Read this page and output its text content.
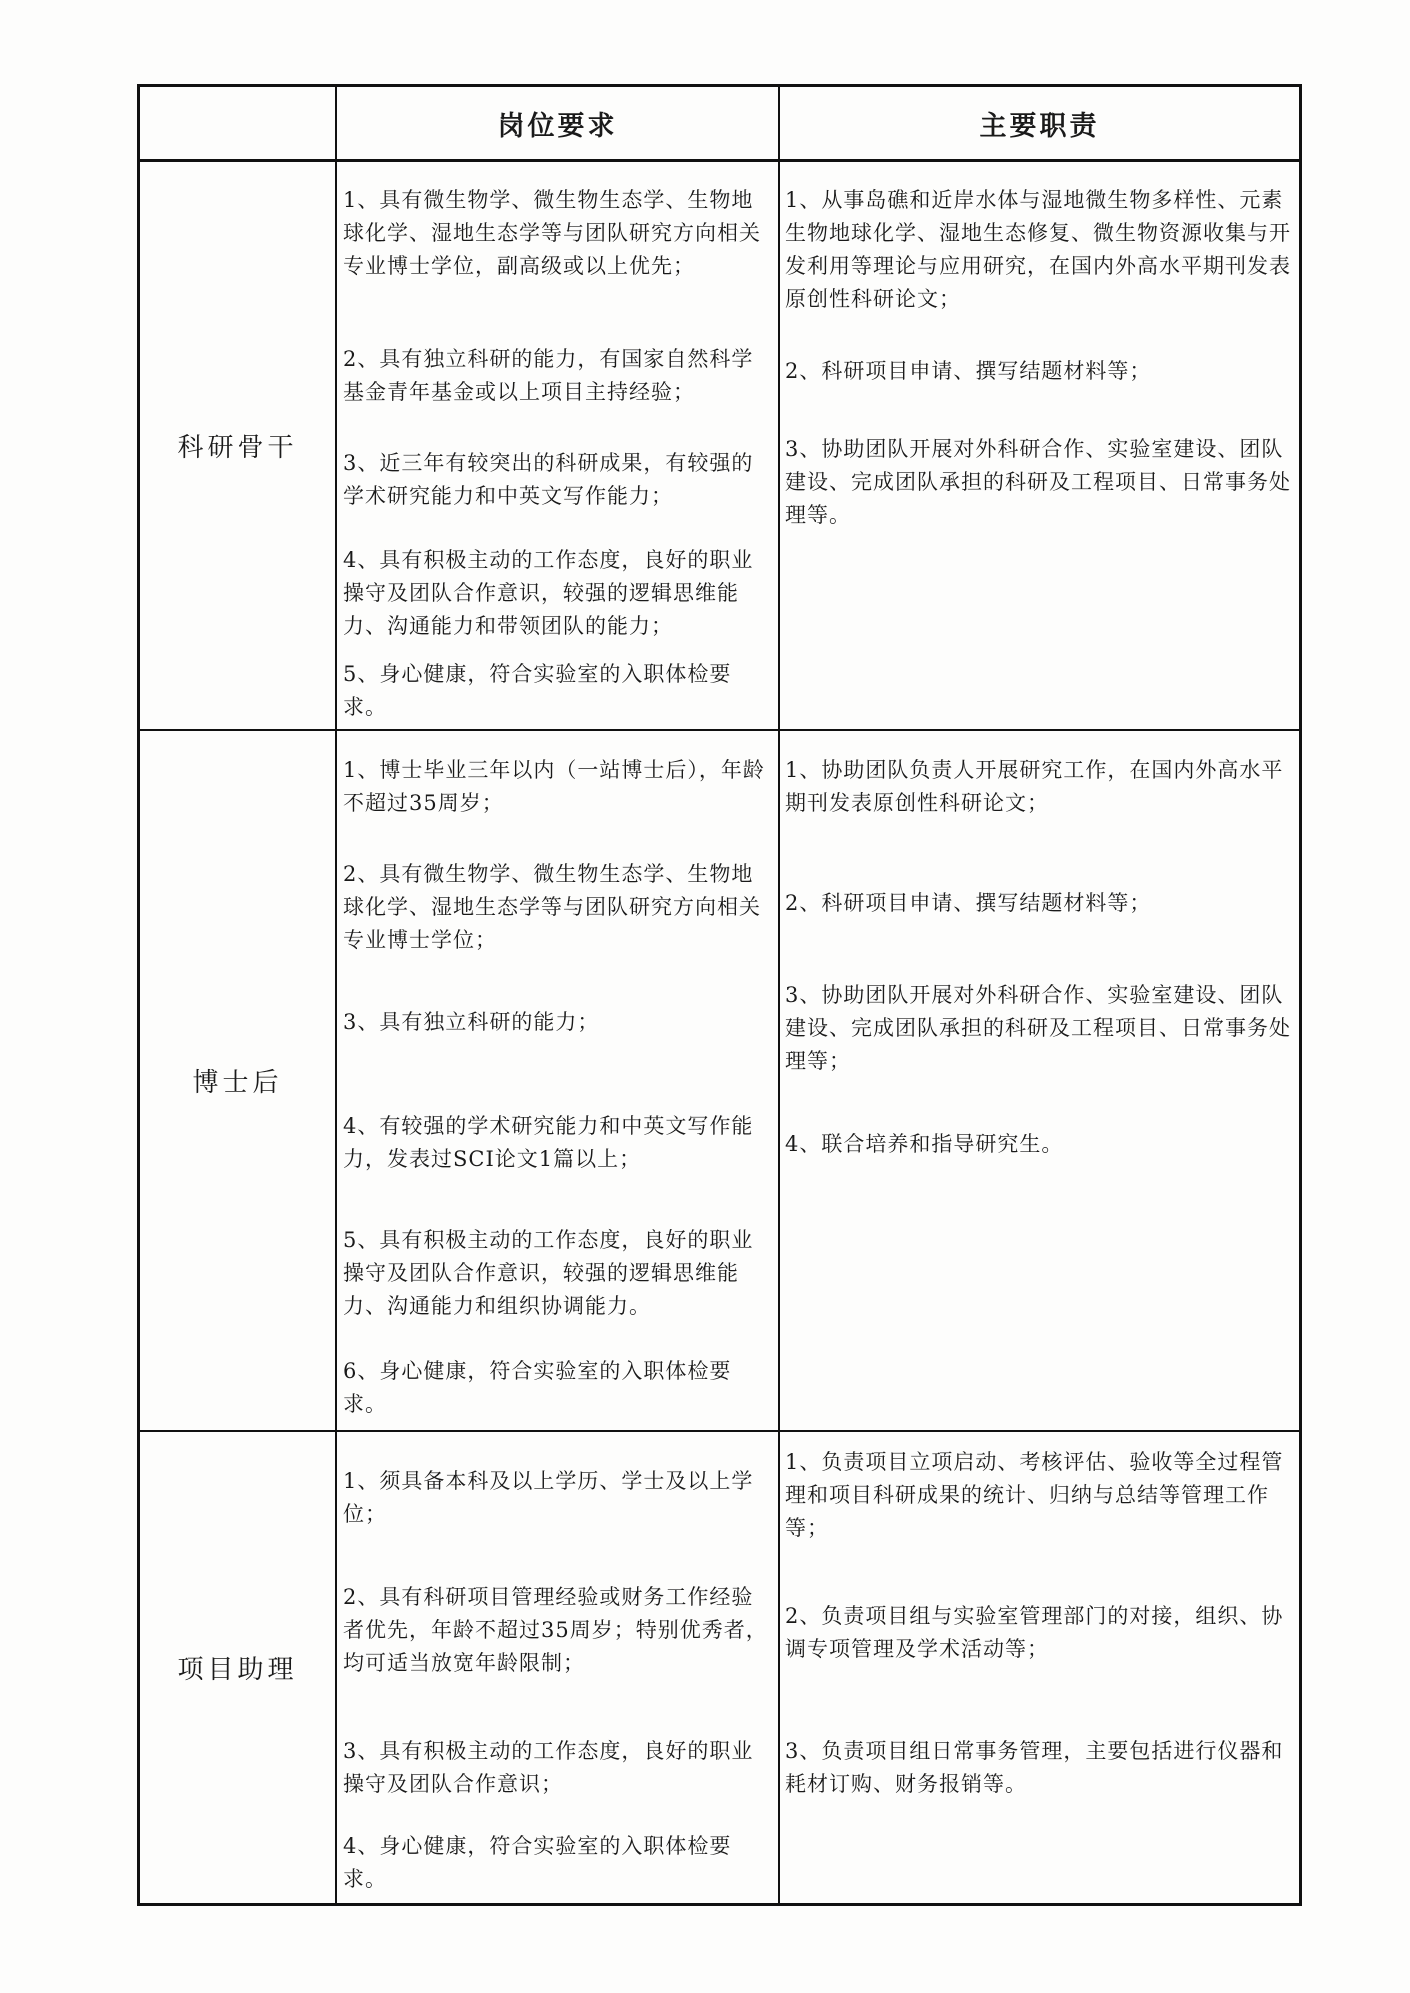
岗位要求	主要职责
科研骨干
1、具有微生物学、微生物生态学、生物地球化学、湿地生态学等与团队研究方向相关专业博士学位，副高级或以上优先；
2、具有独立科研的能力，有国家自然科学基金青年基金或以上项目主持经验；
3、近三年有较突出的科研成果，有较强的学术研究能力和中英文写作能力；
4、具有积极主动的工作态度，良好的职业操守及团队合作意识，较强的逻辑思维能力、沟通能力和带领团队的能力；
5、身心健康，符合实验室的入职体检要求。
1、从事岛礁和近岸水体与湿地微生物多样性、元素生物地球化学、湿地生态修复、微生物资源收集与开发利用等理论与应用研究，在国内外高水平期刊发表原创性科研论文；
2、科研项目申请、撰写结题材料等；
3、协助团队开展对外科研合作、实验室建设、团队建设、完成团队承担的科研及工程项目、日常事务处理等。
博士后
1、博士毕业三年以内（一站博士后），年龄不超过35周岁；
2、具有微生物学、微生物生态学、生物地球化学、湿地生态学等与团队研究方向相关专业博士学位；
3、具有独立科研的能力；
4、有较强的学术研究能力和中英文写作能力，发表过SCI论文1篇以上；
5、具有积极主动的工作态度，良好的职业操守及团队合作意识，较强的逻辑思维能力、沟通能力和组织协调能力。
6、身心健康，符合实验室的入职体检要求。
1、协助团队负责人开展研究工作，在国内外高水平期刊发表原创性科研论文；
2、科研项目申请、撰写结题材料等；
3、协助团队开展对外科研合作、实验室建设、团队建设、完成团队承担的科研及工程项目、日常事务处理等；
4、联合培养和指导研究生。
项目助理
1、须具备本科及以上学历、学士及以上学位；
2、具有科研项目管理经验或财务工作经验者优先，年龄不超过35周岁；特别优秀者，均可适当放宽年龄限制；
3、具有积极主动的工作态度，良好的职业操守及团队合作意识；
4、身心健康，符合实验室的入职体检要求。
1、负责项目立项启动、考核评估、验收等全过程管理和项目科研成果的统计、归纳与总结等管理工作等；
2、负责项目组与实验室管理部门的对接，组织、协调专项管理及学术活动等；
3、负责项目组日常事务管理，主要包括进行仪器和耗材订购、财务报销等。
